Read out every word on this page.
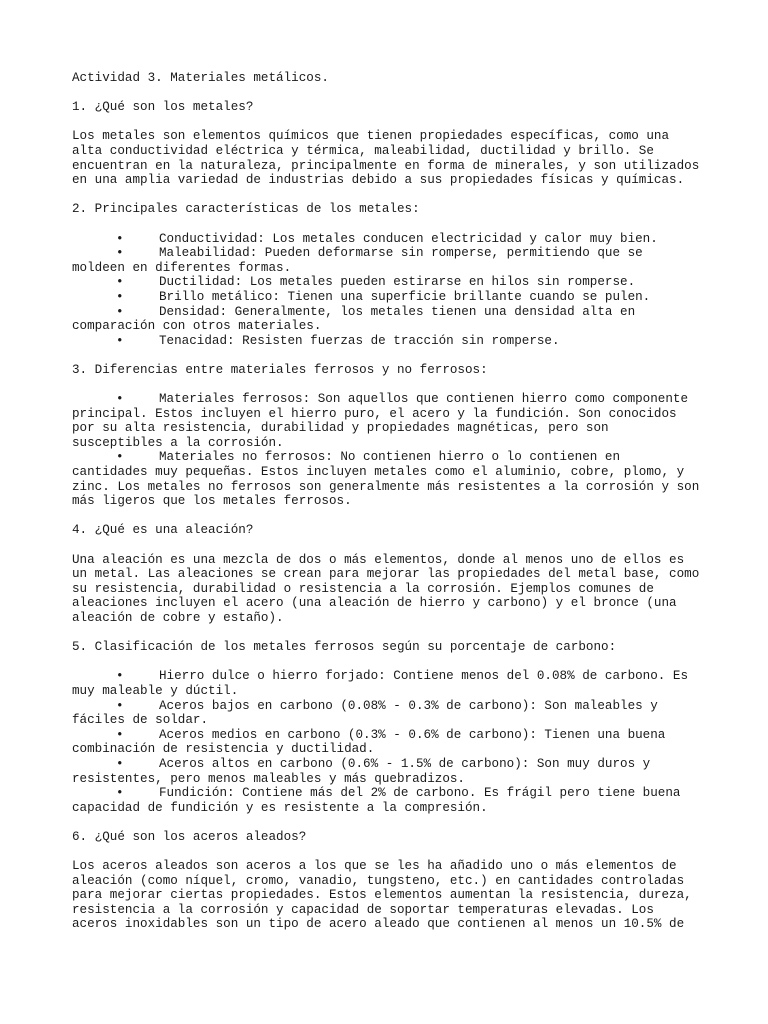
Actividad 3. Materiales metálicos.
1. ¿Qué son los metales?
Los metales son elementos químicos que tienen propiedades específicas, como una
alta conductividad eléctrica y térmica, maleabilidad, ductilidad y brillo. Se
encuentran en la naturaleza, principalmente en forma de minerales, y son utilizados
en una amplia variedad de industrias debido a sus propiedades físicas y químicas.
2. Principales características de los metales:
•	Conductividad: Los metales conducen electricidad y calor muy bien.
•	Maleabilidad: Pueden deformarse sin romperse, permitiendo que se
moldeen en diferentes formas.
•	Ductilidad: Los metales pueden estirarse en hilos sin romperse.
•	Brillo metálico: Tienen una superficie brillante cuando se pulen.
•	Densidad: Generalmente, los metales tienen una densidad alta en
comparación con otros materiales.
•	Tenacidad: Resisten fuerzas de tracción sin romperse.
3. Diferencias entre materiales ferrosos y no ferrosos:
•	Materiales ferrosos: Son aquellos que contienen hierro como componente
principal. Estos incluyen el hierro puro, el acero y la fundición. Son conocidos
por su alta resistencia, durabilidad y propiedades magnéticas, pero son
susceptibles a la corrosión.
•	Materiales no ferrosos: No contienen hierro o lo contienen en
cantidades muy pequeñas. Estos incluyen metales como el aluminio, cobre, plomo, y
zinc. Los metales no ferrosos son generalmente más resistentes a la corrosión y son
más ligeros que los metales ferrosos.
4. ¿Qué es una aleación?
Una aleación es una mezcla de dos o más elementos, donde al menos uno de ellos es
un metal. Las aleaciones se crean para mejorar las propiedades del metal base, como
su resistencia, durabilidad o resistencia a la corrosión. Ejemplos comunes de
aleaciones incluyen el acero (una aleación de hierro y carbono) y el bronce (una
aleación de cobre y estaño).
5. Clasificación de los metales ferrosos según su porcentaje de carbono:
•	Hierro dulce o hierro forjado: Contiene menos del 0.08% de carbono. Es
muy maleable y dúctil.
•	Aceros bajos en carbono (0.08% - 0.3% de carbono): Son maleables y
fáciles de soldar.
•	Aceros medios en carbono (0.3% - 0.6% de carbono): Tienen una buena
combinación de resistencia y ductilidad.
•	Aceros altos en carbono (0.6% - 1.5% de carbono): Son muy duros y
resistentes, pero menos maleables y más quebradizos.
•	Fundición: Contiene más del 2% de carbono. Es frágil pero tiene buena
capacidad de fundición y es resistente a la compresión.
6. ¿Qué son los aceros aleados?
Los aceros aleados son aceros a los que se les ha añadido uno o más elementos de
aleación (como níquel, cromo, vanadio, tungsteno, etc.) en cantidades controladas
para mejorar ciertas propiedades. Estos elementos aumentan la resistencia, dureza,
resistencia a la corrosión y capacidad de soportar temperaturas elevadas. Los
aceros inoxidables son un tipo de acero aleado que contienen al menos un 10.5% de
